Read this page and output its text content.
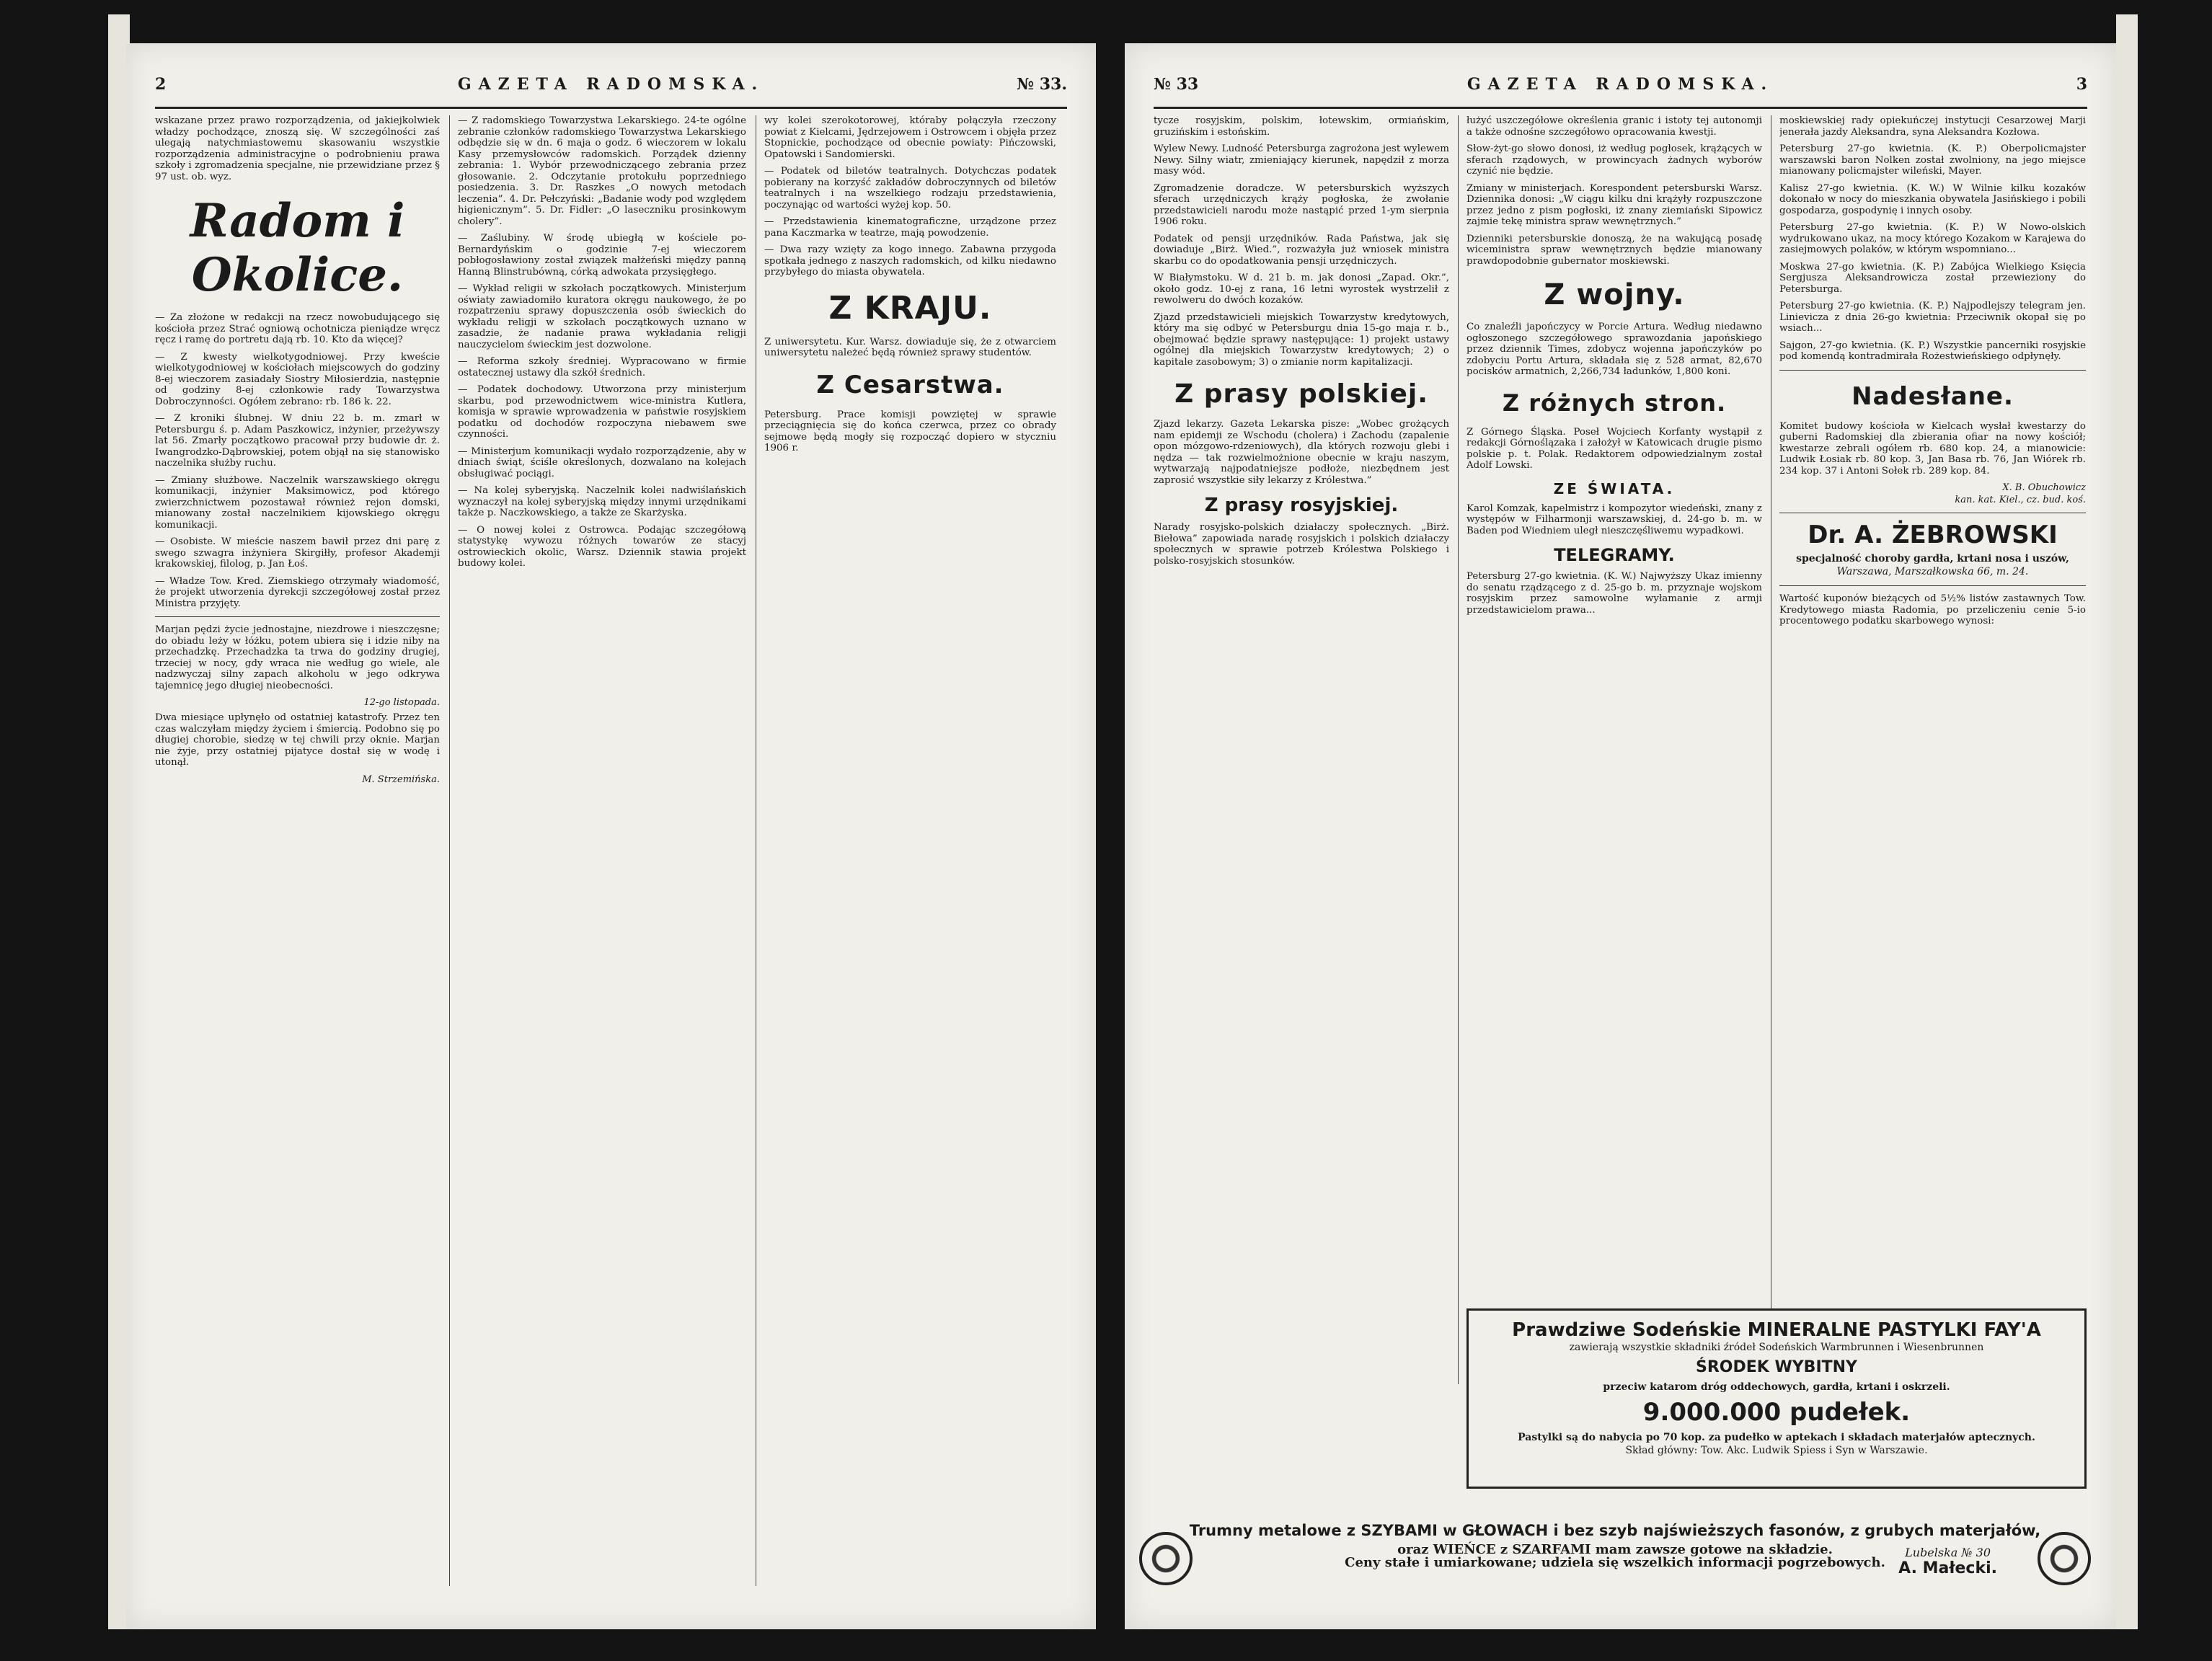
2	GAZETA RADOMSKA.	№ 33.

wskazane przez prawo rozporządzenia, od jakiejkolwiek władzy pochodzące, znoszą się. W szczególności zaś ulegają natychmiastowemu skasowaniu wszystkie rozporządzenia administracyjne o podrobnieniu prawa szkoły i zgromadzenia specjalne, nie przewidziane przez § 97 ust. ob. wyz.

Radom i Okolice.

— Za złożone w redakcji na rzecz nowobudującego się kościoła przez Strać ogniową ochotnicza pieniądze wręcz ręcz i ramę do portretu dają rb. 10. Kto da więcej?

— Z kwesty wielkotygodniowej. Przy kweście wielkotygodniowej w kościołach miejscowych do godziny 8-ej wieczorem zasiadały Siostry Miłosierdzia, następnie od godziny 8-ej członkowie rady Towarzystwa Dobroczynności. Ogółem zebrano: rb. 186 k. 22.

— Z kroniki ślubnej. W dniu 22 b. m. zmarł w Petersburgu ś. p. Adam Paszkowicz, inżynier, przeżywszy lat 56. Zmarły początkowo pracował przy budowie dr. ż. Iwangrodzko-Dąbrowskiej, potem objął na się stanowisko naczelnika służby ruchu.

— Zmiany służbowe. Naczelnik warszawskiego okręgu komunikacji, inżynier Maksimowicz, pod którego zwierzchnictwem pozostawał również rejon domski, mianowany został naczelnikiem kijowskiego okręgu komunikacji.

— Osobiste. W mieście naszem bawił przez dni parę z swego szwagra inżyniera Skirgiłły, profesor Akademji krakowskiej, filolog, p. Jan Łoś.

— Władze Tow. Kred. Ziemskiego otrzymały wiadomość, że projekt utworzenia dyrekcji szczegółowej został przez Ministra przyjęty.

Marjan pędzi życie jednostajne, niezdrowe i nieszczęsne; do obiadu leży w łóżku, potem ubiera się i idzie niby na przechadzkę. Przechadzka ta trwa do godziny drugiej, trzeciej w nocy, gdy wraca nie według go wiele, ale nadzwyczaj silny zapach alkoholu w jego odkrywa tajemnicę jego długiej nieobecności.

12-go listopada.

Dwa miesiące upłynęło od ostatniej katastrofy. Przez ten czas walczyłam między życiem i śmiercią. Podobno się po długiej chorobie, siedzę w tej chwili przy oknie. Marjan nie żyje, przy ostatniej pijatyce dostał się w wodę i utonął.

M. Strzemińska.

— Z radomskiego Towarzystwa Lekarskiego. 24-te ogólne zebranie członków radomskiego Towarzystwa Lekarskiego odbędzie się w dn. 6 maja o godz. 6 wieczorem w lokalu Kasy przemysłowców radomskich. Porządek dzienny zebrania: 1. Wybór przewodniczącego zebrania przez głosowanie. 2. Odczytanie protokułu poprzedniego posiedzenia. 3. Dr. Raszkes „O nowych metodach leczenia”. 4. Dr. Pełczyński: „Badanie wody pod względem higienicznym”. 5. Dr. Fidler: „O laseczniku prosinkowym cholery”.

— Zaślubiny. W środę ubiegłą w kościele po-Bernardyńskim o godzinie 7-ej wieczorem pobłogosławiony został związek małżeński między panną Hanną Blinstrubówną, córką adwokata przysięgłego.

— Wykład religii w szkołach początkowych. Ministerjum oświaty zawiadomiło kuratora okręgu naukowego, że po rozpatrzeniu sprawy dopuszczenia osób świeckich do wykładu religji w szkołach początkowych uznano w zasadzie, że nadanie prawa wykładania religji nauczycielom świeckim jest dozwolone.

— Reforma szkoły średniej. Wypracowano w firmie ostatecznej ustawy dla szkół średnich.

— Podatek dochodowy. Utworzona przy ministerjum skarbu, pod przewodnictwem wice-ministra Kutlera, komisja w sprawie wprowadzenia w państwie rosyjskiem podatku od dochodów rozpoczyna niebawem swe czynności.

— Ministerjum komunikacji wydało rozporządzenie, aby w dniach świąt, ściśle określonych, dozwalano na kolejach obsługiwać pociągi.

— Na kolej syberyjską. Naczelnik kolei nadwiślańskich wyznaczył na kolej syberyjską między innymi urzędnikami także p. Naczkowskiego, a także ze Skarżyska.

— O nowej kolei z Ostrowca. Podając szczegółową statystykę wywozu różnych towarów ze stacyj ostrowieckich okolic, Warsz. Dziennik stawia projekt budowy kolei.

wy kolei szerokotorowej, któraby połączyła rzeczony powiat z Kielcami, Jędrzejowem i Ostrowcem i objęła przez Stopnickie, pochodzące od obecnie powiaty: Pińczowski, Opatowski i Sandomierski.

— Podatek od biletów teatralnych. Dotychczas podatek pobierany na korzyść zakładów dobroczynnych od biletów teatralnych i na wszelkiego rodzaju przedstawienia, poczynając od wartości wyżej kop. 50.

— Przedstawienia kinematograficzne, urządzone przez pana Kaczmarka w teatrze, mają powodzenie.

— Dwa razy wzięty za kogo innego. Zabawna przygoda spotkała jednego z naszych radomskich, od kilku niedawno przybyłego do miasta obywatela.

Z KRAJU.

Z uniwersytetu. Kur. Warsz. dowiaduje się, że z otwarciem uniwersytetu należeć będą również sprawy studentów.

Z Cesarstwa.

Petersburg. Prace komisji powziętej w sprawie przeciągnięcia się do końca czerwca, przez co obrady sejmowe będą mogły się rozpocząć dopiero w styczniu 1906 r.

№ 33	GAZETA RADOMSKA.	3

tycze rosyjskim, polskim, łotewskim, ormiańskim, gruzińskim i estońskim.

Wylew Newy. Ludność Petersburga zagrożona jest wylewem Newy. Silny wiatr, zmieniający kierunek, napędził z morza masy wód.

Zgromadzenie doradcze. W petersburskich wyższych sferach urzędniczych krąży pogłoska, że zwołanie przedstawicieli narodu może nastąpić przed 1-ym sierpnia 1906 roku.

Podatek od pensji urzędników. Rada Państwa, jak się dowiaduje „Birż. Wied.”, rozważyła już wniosek ministra skarbu co do opodatkowania pensji urzędniczych.

W Białymstoku. W d. 21 b. m. jak donosi „Zapad. Okr.”, około godz. 10-ej z rana, 16 letni wyrostek wystrzelił z rewolweru do dwóch kozaków.

Zjazd przedstawicieli miejskich Towarzystw kredytowych, który ma się odbyć w Petersburgu dnia 15-go maja r. b., obejmować będzie sprawy następujące: 1) projekt ustawy ogólnej dla miejskich Towarzystw kredytowych; 2) o kapitale zasobowym; 3) o zmianie norm kapitalizacji.

Z prasy polskiej.

Zjazd lekarzy. Gazeta Lekarska pisze: „Wobec grożących nam epidemji ze Wschodu (cholera) i Zachodu (zapalenie opon mózgowo-rdzeniowych), dla których rozwoju glebi i nędza — tak rozwielmożnione obecnie w kraju naszym, wytwarzają najpodatniejsze podłoże, niezbędnem jest zaprosić wszystkie siły lekarzy z Królestwa.”

Z prasy rosyjskiej.

Narady rosyjsko-polskich działaczy społecznych. „Birż. Biełowa” zapowiada naradę rosyjskich i polskich działaczy społecznych w sprawie potrzeb Królestwa Polskiego i polsko-rosyjskich stosunków.

łużyć uszczegółowe określenia granic i istoty tej autonomji a także odnośne szczegółowo opracowania kwestji.

Słow-żyt-go słowo donosi, iż według pogłosek, krążących w sferach rządowych, w prowincyach żadnych wyborów czynić nie będzie.

Zmiany w ministerjach. Korespondent petersburski Warsz. Dziennika donosi: „W ciągu kilku dni krążyły rozpuszczone przez jedno z pism pogłoski, iż znany ziemiański Sipowicz zajmie tekę ministra spraw wewnętrznych.”

Dzienniki petersburskie donoszą, że na wakującą posadę wiceministra spraw wewnętrznych będzie mianowany prawdopodobnie gubernator moskiewski.

Z wojny.

Co znaleźli japończycy w Porcie Artura. Według niedawno ogłoszonego szczegółowego sprawozdania japońskiego przez dziennik Times, zdobycz wojenna japończyków po zdobyciu Portu Artura, składała się z 528 armat, 82,670 pocisków armatnich, 2,266,734 ładunków, 1,800 koni.

Z różnych stron.

Z Górnego Śląska. Poseł Wojciech Korfanty wystąpił z redakcji Górnoślązaka i założył w Katowicach drugie pismo polskie p. t. Polak. Redaktorem odpowiedzialnym został Adolf Lowski.

ZE ŚWIATA.

Karol Komzak, kapelmistrz i kompozytor wiedeński, znany z występów w Filharmonji warszawskiej, d. 24-go b. m. w Baden pod Wiedniem uległ nieszczęśliwemu wypadkowi.

TELEGRAMY.

Petersburg 27-go kwietnia. (K. W.) Najwyższy Ukaz imienny do senatu rządzącego z d. 25-go b. m. przyznaje wojskom rosyjskim przez samowolne wyłamanie z armji przedstawicielom prawa...

moskiewskiej rady opiekuńczej instytucji Cesarzowej Marji jenerała jazdy Aleksandra, syna Aleksandra Kozłowa.

Petersburg 27-go kwietnia. (K. P.) Oberpolicmajster warszawski baron Nolken został zwolniony, na jego miejsce mianowany policmajster wileński, Mayer.

Kalisz 27-go kwietnia. (K. W.) W Wilnie kilku kozaków dokonało w nocy do mieszkania obywatela Jasińskiego i pobili gospodarza, gospodynię i innych osoby.

Petersburg 27-go kwietnia. (K. P.) W Nowo-olskich wydrukowano ukaz, na mocy którego Kozakom w Karajewa do zasiejmowych polaków, w którym wspomniano...

Moskwa 27-go kwietnia. (K. P.) Zabójca Wielkiego Księcia Sergjusza Aleksandrowicza został przewieziony do Petersburga.

Petersburg 27-go kwietnia. (K. P.) Najpodlejszy telegram jen. Linievicza z dnia 26-go kwietnia: Przeciwnik okopał się po wsiach...

Sajgon, 27-go kwietnia. (K. P.) Wszystkie pancerniki rosyjskie pod komendą kontradmirała Rożestwieńskiego odpłynęły.

Nadesłane.

Komitet budowy kościoła w Kielcach wysłał kwestarzy do guberni Radomskiej dla zbierania ofiar na nowy kościół; kwestarze zebrali ogółem rb. 680 kop. 24, a mianowicie: Ludwik Łosiak rb. 80 kop. 3, Jan Basa rb. 76, Jan Wiórek rb. 234 kop. 37 i Antoni Sołek rb. 289 kop. 84.

X. B. Obuchowicz
kan. kat. Kiel., cz. bud. koś.
Dr. A. ŻEBROWSKI
specjalność choroby gardła, krtani nosa i uszów,
Warszawa, Marszałkowska 66, m. 24.

Wartość kuponów bieżących od 5½% listów zastawnych Tow. Kredytowego miasta Radomia, po przeliczeniu cenie 5-io procentowego podatku skarbowego wynosi:

Prawdziwe Sodeńskie MINERALNE PASTYLKI FAY'A
zawierają wszystkie składniki źródeł Sodeńskich Warmbrunnen i Wiesenbrunnen
ŚRODEK WYBITNY
przeciw katarom dróg oddechowych, gardła, krtani i oskrzeli.
9.000.000 pudełek.
Pastylki są do nabycia po 70 kop. za pudełko w aptekach i składach materjałów aptecznych.
Skład główny: Tow. Akc. Ludwik Spiess i Syn w Warszawie.
Trumny metalowe z SZYBAMI w GŁOWACH i bez szyb najświeższych fasonów, z grubych materjałów,
oraz WIEŃCE z SZARFAMI mam zawsze gotowe na składzie.
Ceny stałe i umiarkowane; udziela się wszelkich informacji pogrzebowych.
Lubelska № 30
A. Małecki.
